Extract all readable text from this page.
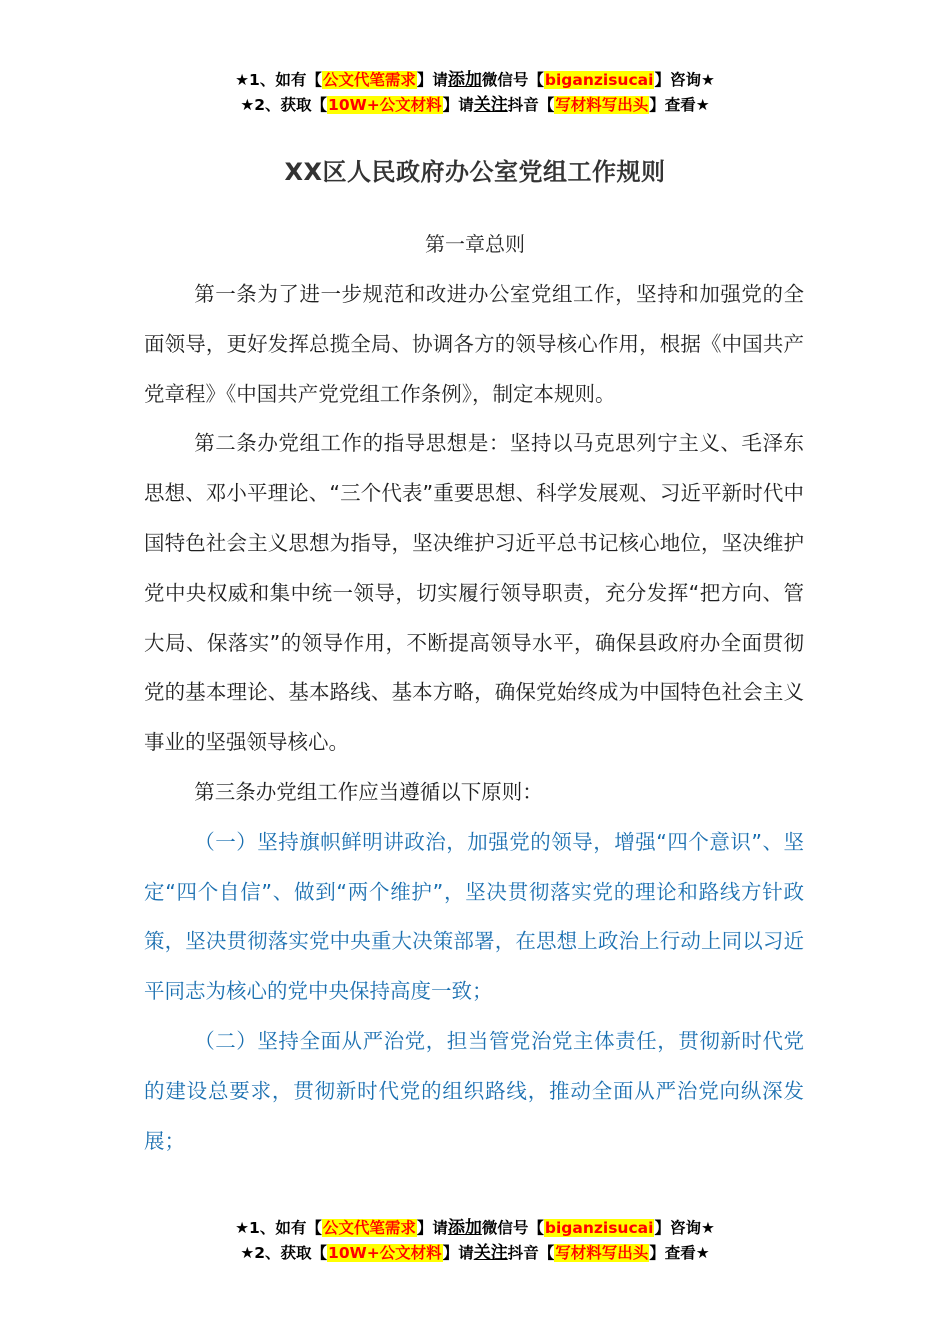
★1、如有【公文代笔需求】请添加微信号【biganzisucai】咨询★
★2、获取【10W+公文材料】请关注抖音【写材料写出头】查看★
XX区人民政府办公室党组工作规则
第一章总则

第一条为了进一步规范和改进办公室党组工作，坚持和加强党的全面领导，更好发挥总揽全局、协调各方的领导核心作用，根据《中国共产党章程》《中国共产党党组工作条例》，制定本规则。

第二条办党组工作的指导思想是：坚持以马克思列宁主义、毛泽东思想、邓小平理论、“三个代表”重要思想、科学发展观、习近平新时代中国特色社会主义思想为指导，坚决维护习近平总书记核心地位，坚决维护党中央权威和集中统一领导，切实履行领导职责，充分发挥“把方向、管大局、保落实”的领导作用，不断提高领导水平，确保县政府办全面贯彻党的基本理论、基本路线、基本方略，确保党始终成为中国特色社会主义事业的坚强领导核心。

第三条办党组工作应当遵循以下原则：

（一）坚持旗帜鲜明讲政治，加强党的领导，增强“四个意识”、坚定“四个自信”、做到“两个维护”，坚决贯彻落实党的理论和路线方针政策，坚决贯彻落实党中央重大决策部署，在思想上政治上行动上同以习近平同志为核心的党中央保持高度一致；

（二）坚持全面从严治党，担当管党治党主体责任，贯彻新时代党的建设总要求，贯彻新时代党的组织路线，推动全面从严治党向纵深发展；

★1、如有【公文代笔需求】请添加微信号【biganzisucai】咨询★
★2、获取【10W+公文材料】请关注抖音【写材料写出头】查看★
